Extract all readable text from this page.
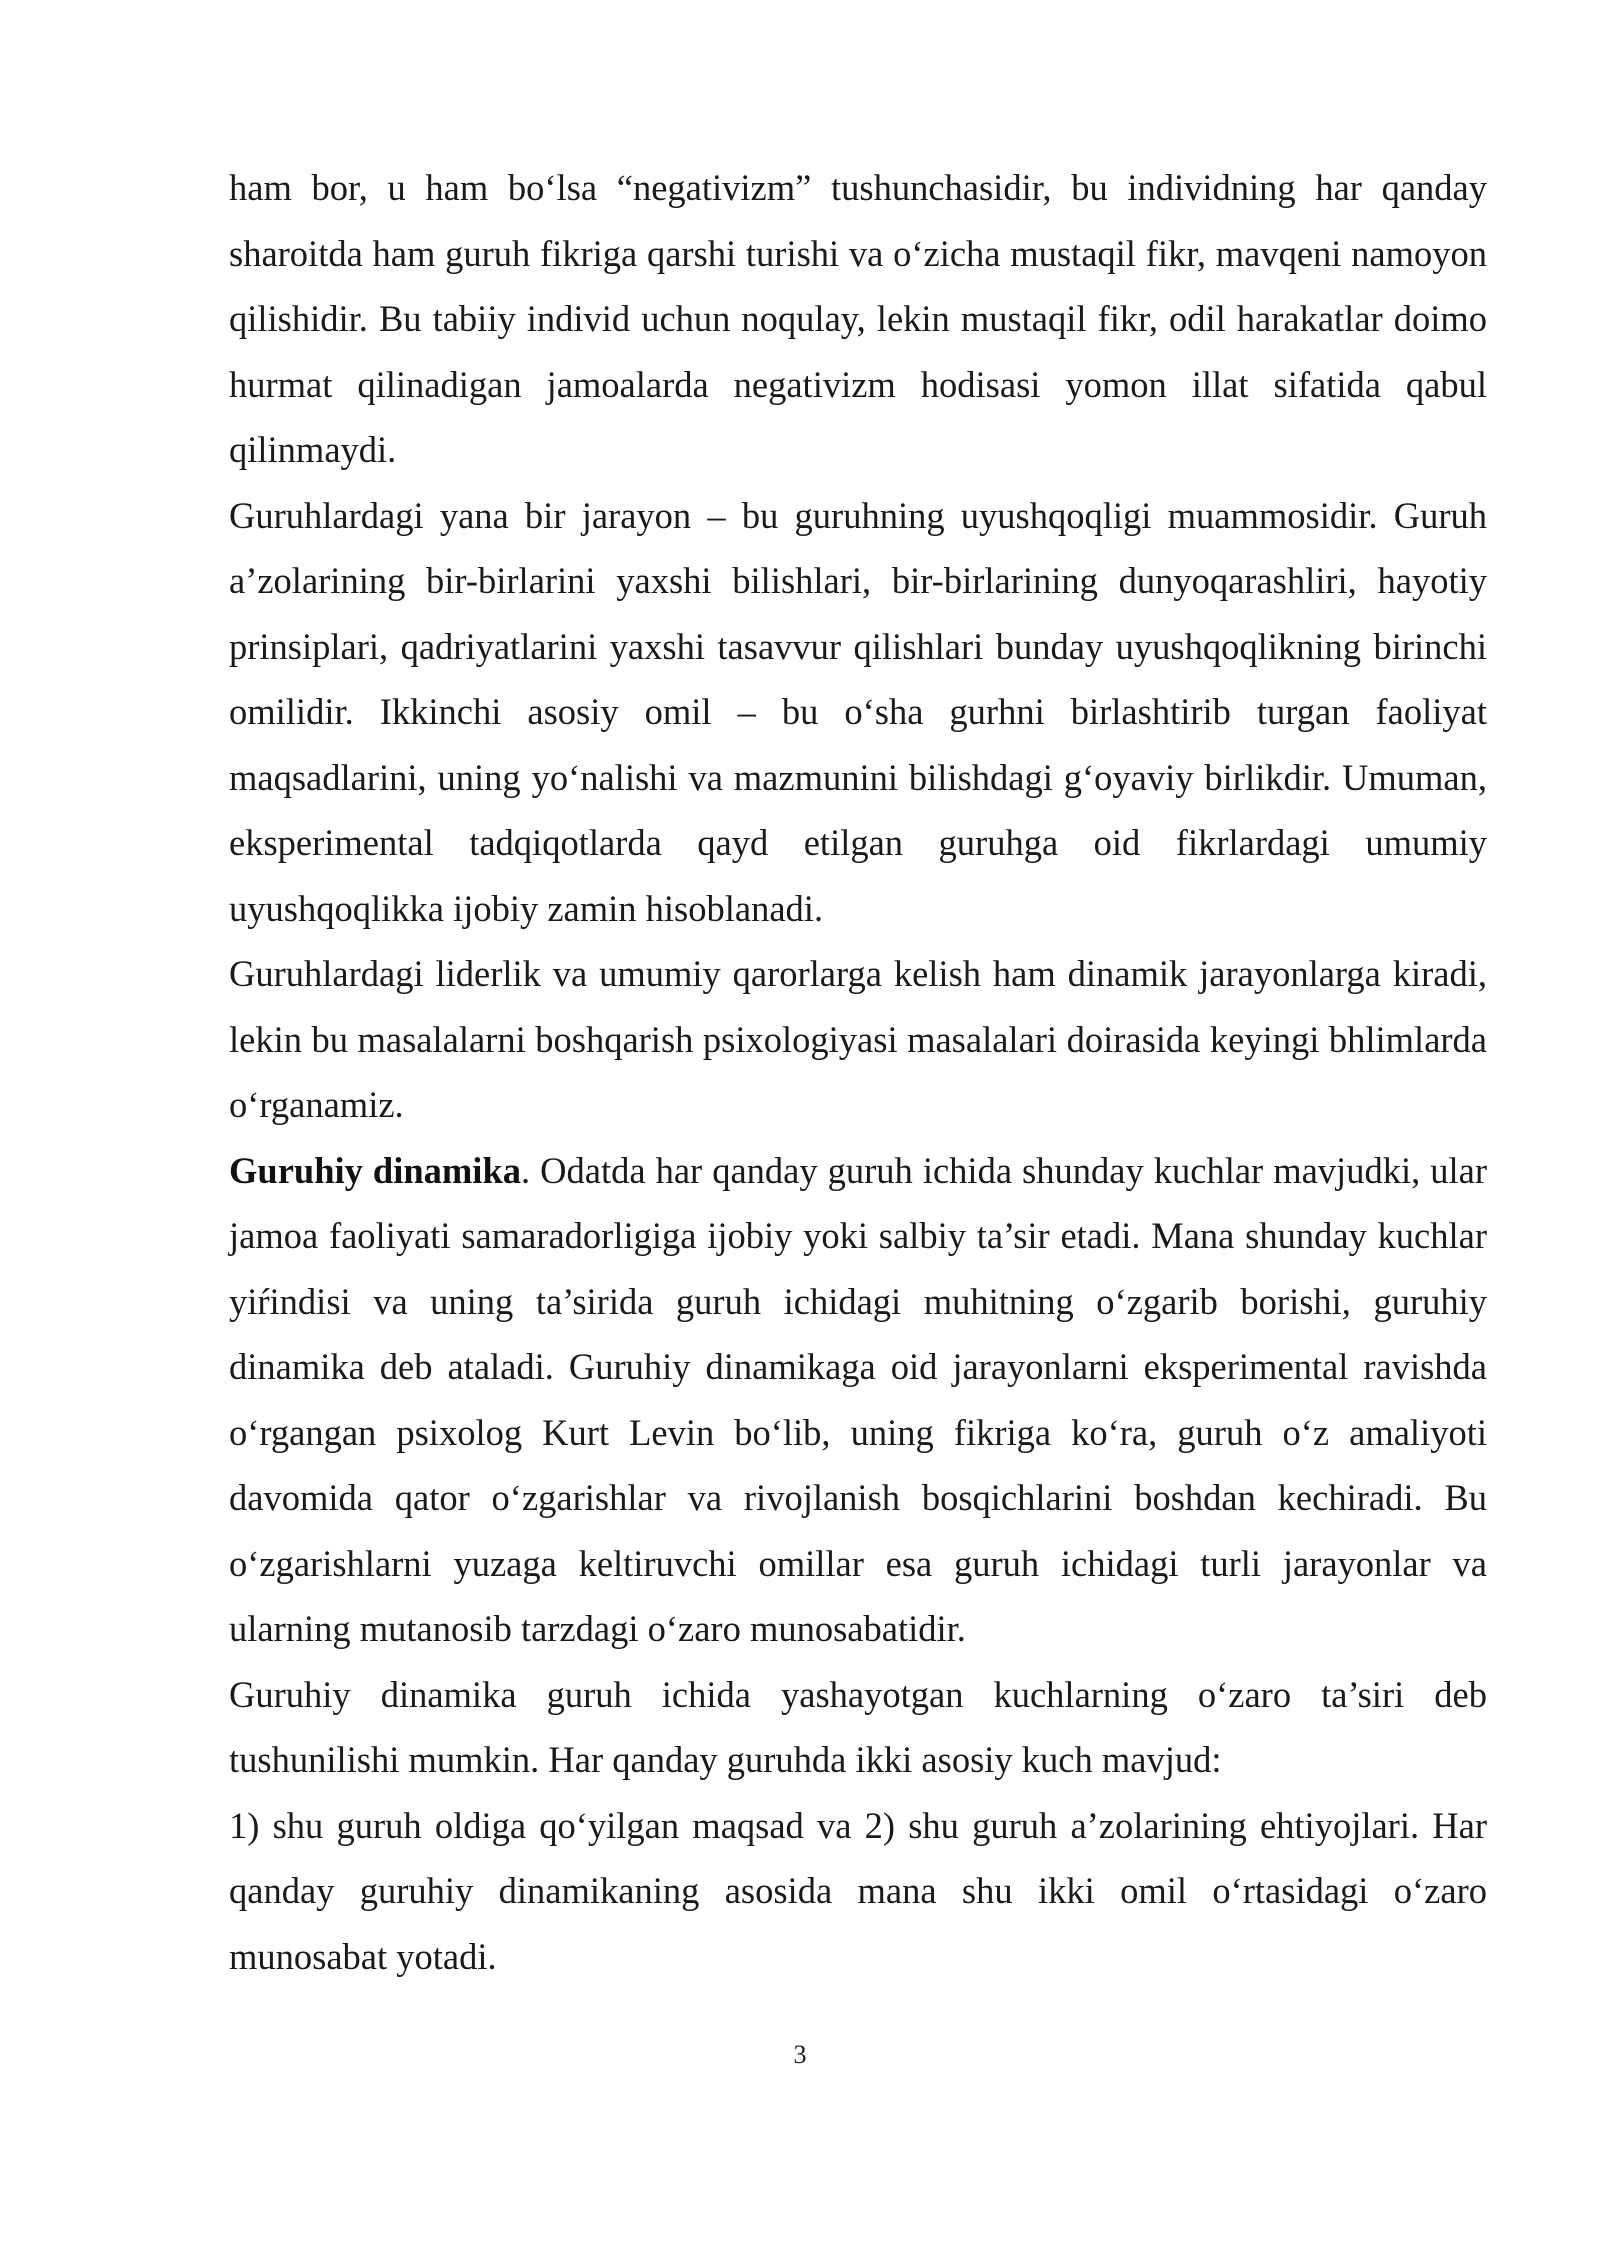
ham bor, u ham bo‘lsa “negativizm” tushunchasidir, bu individning har qanday sharoitda ham guruh fikriga qarshi turishi va o‘zicha mustaqil fikr, mavqeni namoyon qilishidir. Bu tabiiy individ uchun noqulay, lekin mustaqil fikr, odil harakatlar doimo hurmat qilinadigan jamoalarda negativizm hodisasi yomon illat sifatida qabul qilinmaydi.

Guruhlardagi yana bir jarayon – bu guruhning uyushqoqligi muammosidir. Guruh a’zolarining bir-birlarini yaxshi bilishlari, bir-birlarining dunyoqarashliri, hayotiy prinsiplari, qadriyatlarini yaxshi tasavvur qilishlari bunday uyushqoqlikning birinchi omilidir. Ikkinchi asosiy omil – bu o‘sha gurhni birlashtirib turgan faoliyat maqsadlarini, uning yo‘nalishi va mazmunini bilishdagi g‘oyaviy birlikdir. Umuman, eksperimental tadqiqotlarda qayd etilgan guruhga oid fikrlardagi umumiy uyushqoqlikka ijobiy zamin hisoblanadi.

Guruhlardagi liderlik va umumiy qarorlarga kelish ham dinamik jarayonlarga kiradi, lekin bu masalalarni boshqarish psixologiyasi masalalari doirasida keyingi bhlimlarda o‘rganamiz.

Guruhiy dinamika. Odatda har qanday guruh ichida shunday kuchlar mavjudki, ular jamoa faoliyati samaradorligiga ijobiy yoki salbiy ta’sir etadi. Mana shunday kuchlar yiŕindisi va uning ta’sirida guruh ichidagi muhitning o‘zgarib borishi, guruhiy dinamika deb ataladi. Guruhiy dinamikaga oid jarayonlarni eksperimental ravishda o‘rgangan psixolog Kurt Levin bo‘lib, uning fikriga ko‘ra, guruh o‘z amaliyoti davomida qator o‘zgarishlar va rivojlanish bosqichlarini boshdan kechiradi. Bu o‘zgarishlarni yuzaga keltiruvchi omillar esa guruh ichidagi turli jarayonlar va ularning mutanosib tarzdagi o‘zaro munosabatidir.

Guruhiy dinamika guruh ichida yashayotgan kuchlarning o‘zaro ta’siri deb tushunilishi mumkin. Har qanday guruhda ikki asosiy kuch mavjud:

1) shu guruh oldiga qo‘yilgan maqsad va 2) shu guruh a’zolarining ehtiyojlari. Har qanday guruhiy dinamikaning asosida mana shu ikki omil o‘rtasidagi o‘zaro munosabat yotadi.

3
